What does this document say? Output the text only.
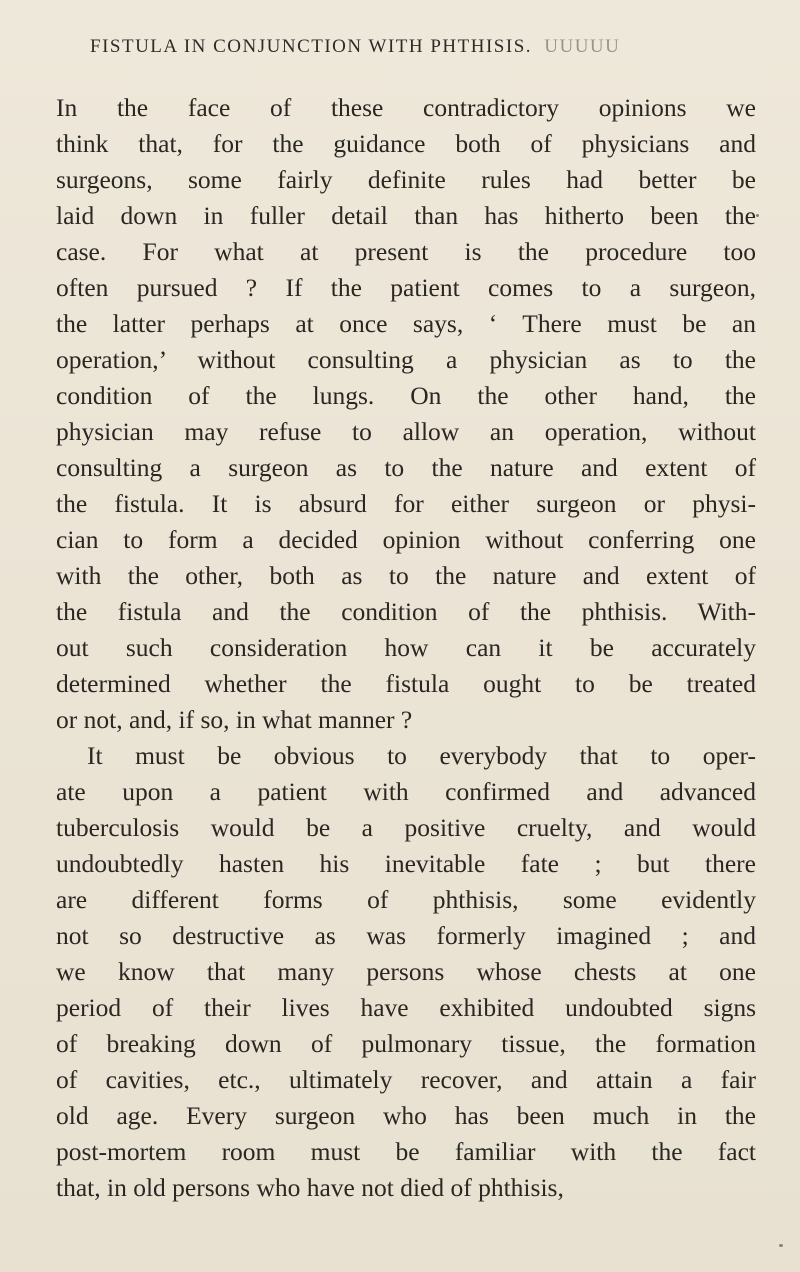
FISTULA IN CONJUNCTION WITH PHTHISIS. UUUUU
In the face of these contradictory opinions we
think that, for the guidance both of physicians and
surgeons, some fairly definite rules had better be
laid down in fuller detail than has hitherto been the
case. For what at present is the procedure too
often pursued ? If the patient comes to a surgeon,
the latter perhaps at once says, ‘ There must be an
operation,’ without consulting a physician as to the
condition of the lungs. On the other hand, the
physician may refuse to allow an operation, without
consulting a surgeon as to the nature and extent of
the fistula. It is absurd for either surgeon or physi-
cian to form a decided opinion without conferring one
with the other, both as to the nature and extent of
the fistula and the condition of the phthisis. With-
out such consideration how can it be accurately
determined whether the fistula ought to be treated
or not, and, if so, in what manner ?
It must be obvious to everybody that to oper-
ate upon a patient with confirmed and advanced
tuberculosis would be a positive cruelty, and would
undoubtedly hasten his inevitable fate ; but there
are different forms of phthisis, some evidently
not so destructive as was formerly imagined ; and
we know that many persons whose chests at one
period of their lives have exhibited undoubted signs
of breaking down of pulmonary tissue, the formation
of cavities, etc., ultimately recover, and attain a fair
old age. Every surgeon who has been much in the
post-mortem room must be familiar with the fact
that, in old persons who have not died of phthisis,
